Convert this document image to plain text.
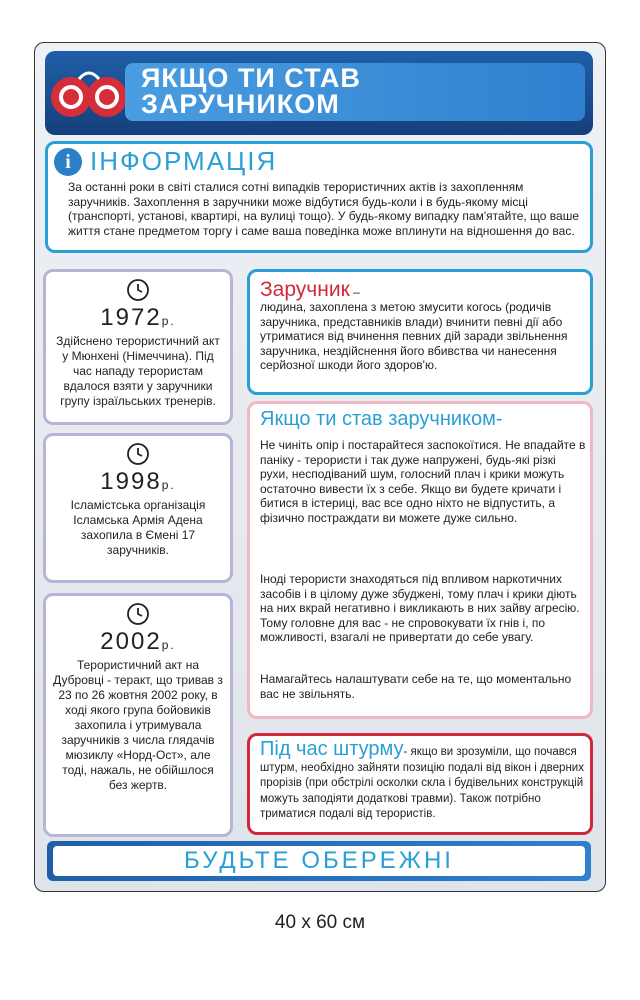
ЯКЩО ТИ СТАВ
ЗАРУЧНИКОМ
i ІНФОРМАЦІЯ
За останні роки в світі сталися сотні випадків терористичних актів із захопленням заручників. Захоплення в заручники може відбутися будь-коли і в будь-якому місці (транспорті, установі, квартирі, на вулиці тощо). У будь-якому випадку пам'ятайте, що ваше життя стане предметом торгу і саме ваша поведінка може вплинути на відношення до вас.
1972р.

Здійснено терористичний акт у Мюнхені (Німеччина). Під час нападу терористам вдалося взяти у заручники групу ізраїльських тренерів.

1998р.

Ісламістська організація Ісламська Армія Адена захопила в Ємені 17 заручників.

2002р.

Терористичний акт на Дубровці - теракт, що тривав з 23 по 26 жовтня 2002 року, в ході якого група бойовиків захопила і утримувала заручників з числа глядачів мюзиклу «Норд-Ост», але тоді, нажаль, не обійшлося без жертв.

Заручник –
людина, захоплена з метою змусити когось (родичів заручника, представників влади) вчинити певні дії або утриматися від вчинення певних дій заради звільнення заручника, нездійснення його вбивства чи нанесення серйозної шкоди його здоров'ю.
Якщо ти став заручником-
Не чиніть опір і постарайтеся заспокоїтися. Не впадайте в паніку - терористи і так дуже напружені, будь-які різкі рухи, несподіваний шум, голосний плач і крики можуть остаточно вивести їх з себе. Якщо ви будете кричати і битися в істериці, вас все одно ніхто не відпустить, а фізично постраждати ви можете дуже сильно.
Іноді терористи знаходяться під впливом наркотичних засобів і в цілому дуже збуджені, тому плач і крики діють на них вкрай негативно і викликають в них зайву агресію. Тому головне для вас - не спровокувати їх гнів і, по можливості, взагалі не привертати до себе увагу.
Намагайтесь налаштувати себе на те, що моментально вас не звільнять.
Під час штурму- якщо ви зрозуміли, що почався штурм, необхідно зайняти позицію подалі від вікон і дверних прорізів (при обстрілі осколки скла і будівельних конструкцій можуть заподіяти додаткові травми). Також потрібно триматися подалі від терористів.
БУДЬТЕ ОБЕРЕЖНІ
40 х 60 см
